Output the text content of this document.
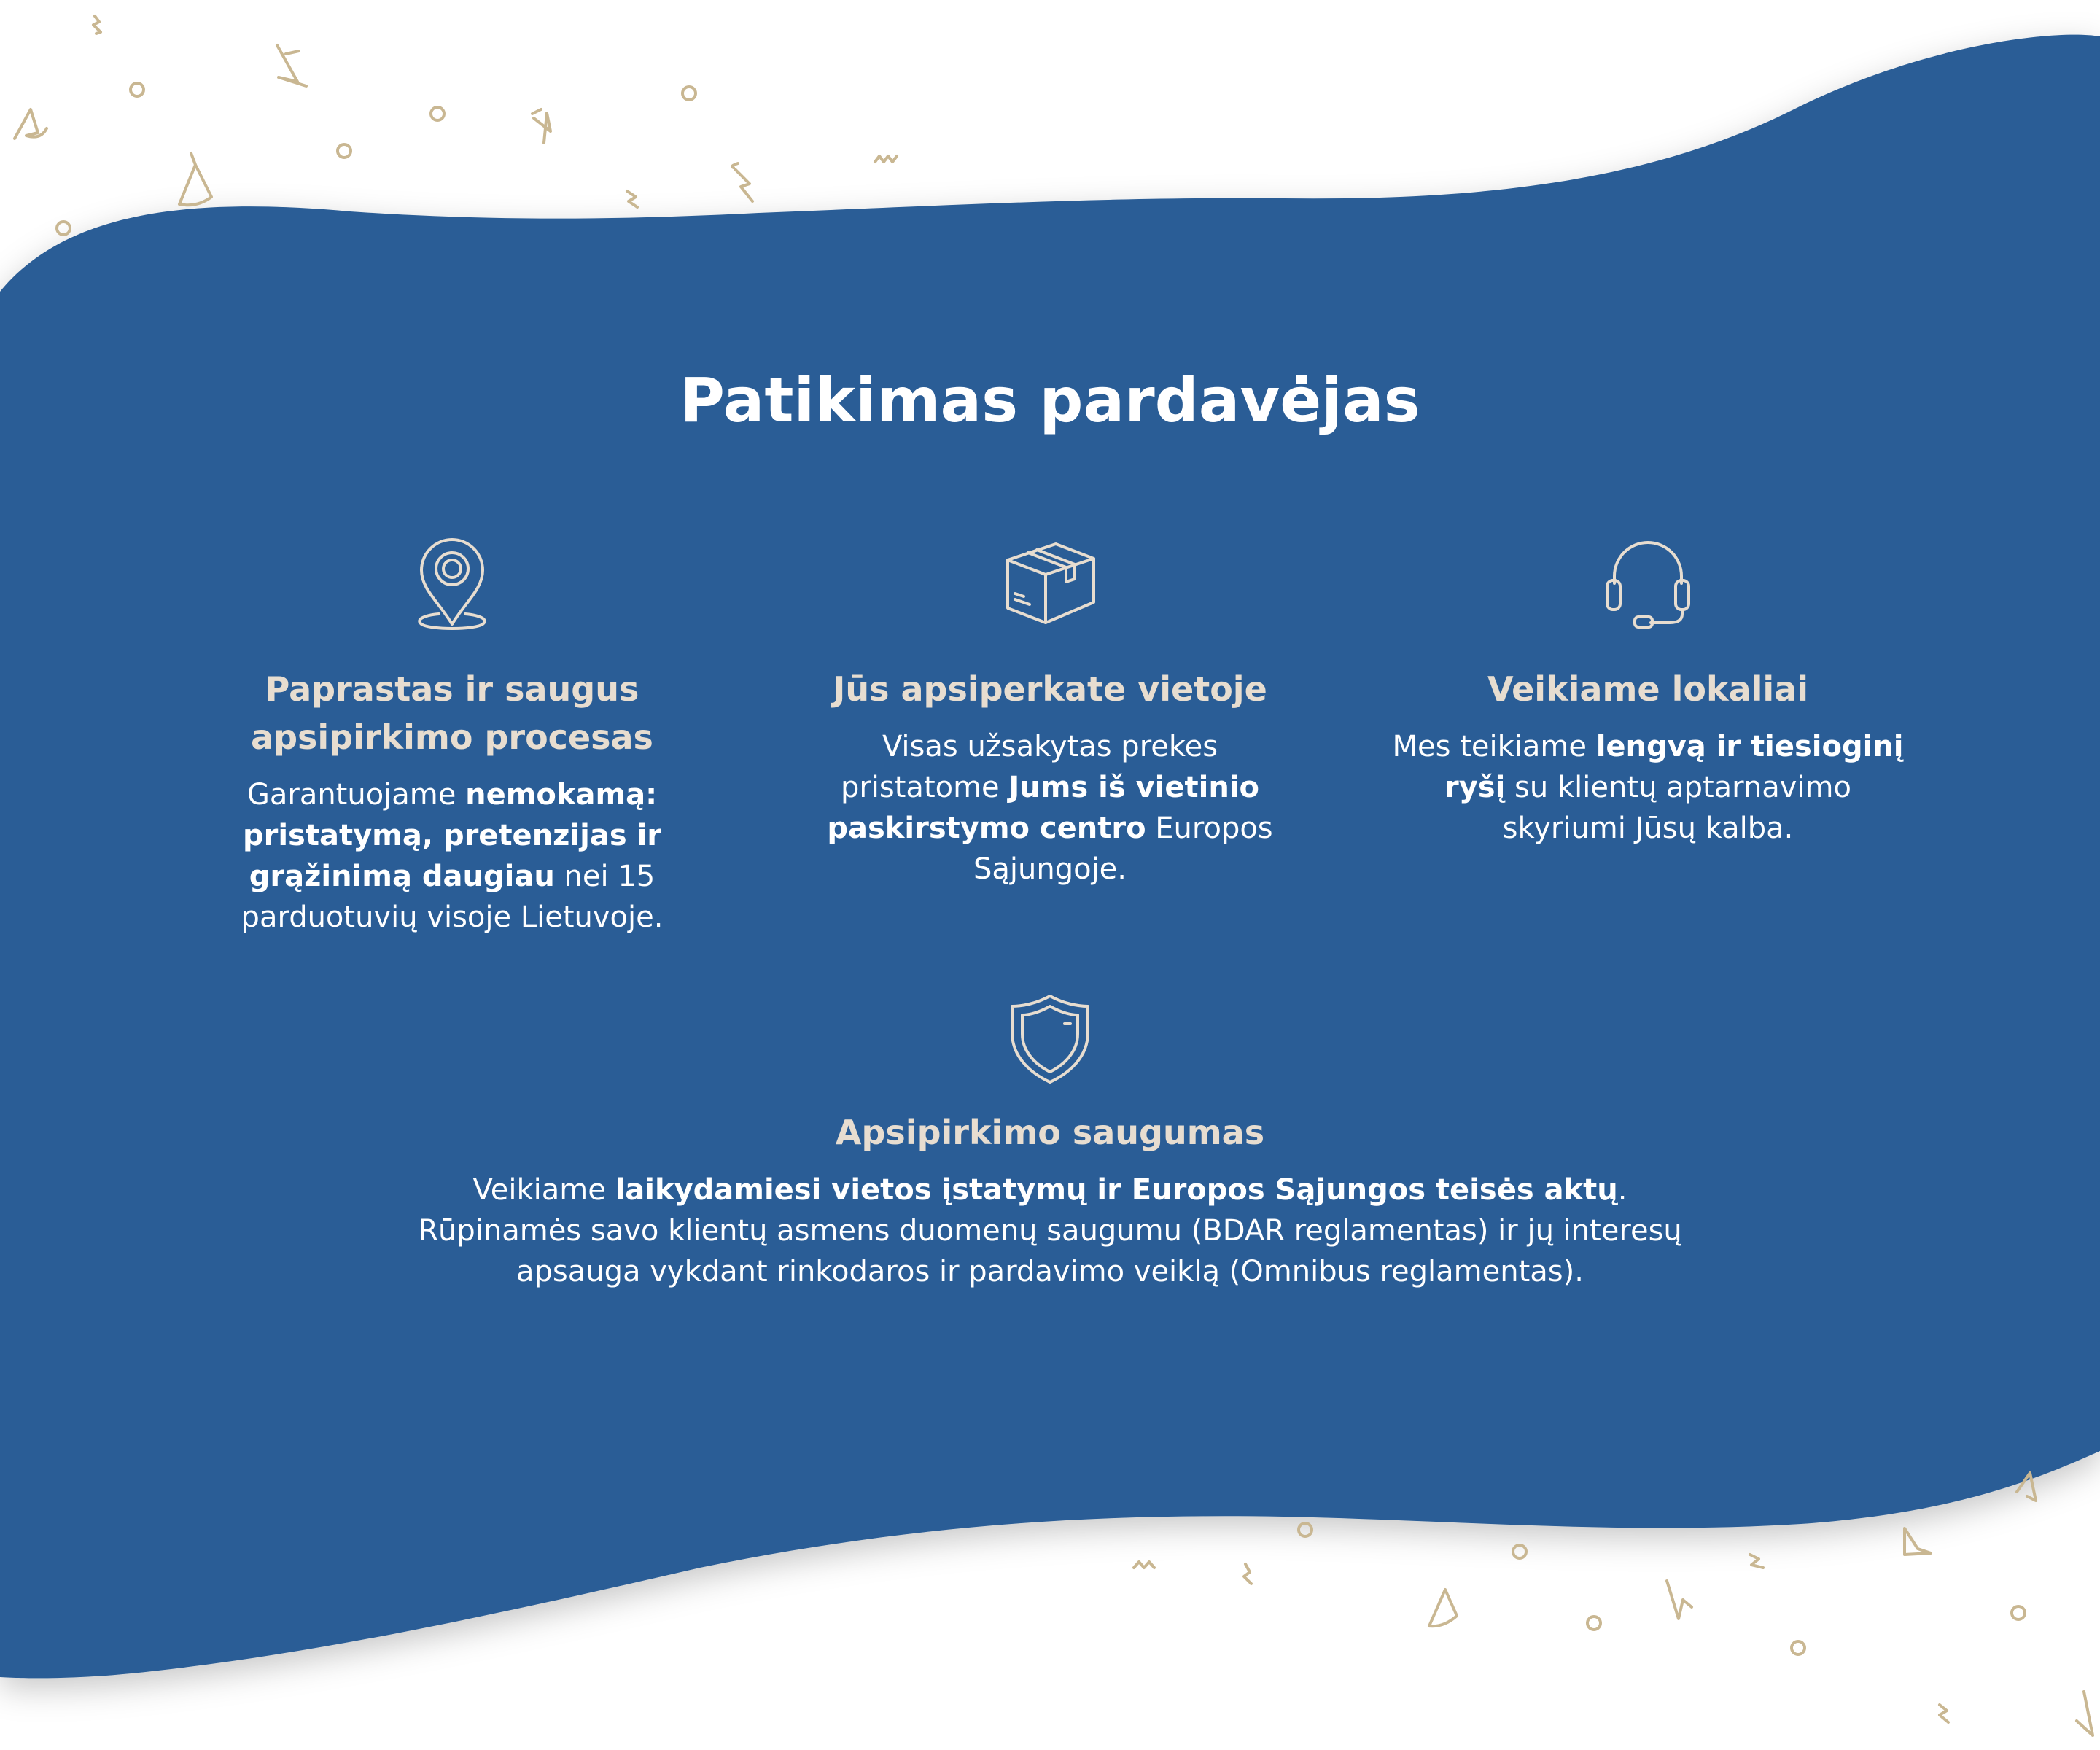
Patikimas pardavėjas
Paprastas ir saugus apsipirkimo procesas

Garantuojame nemokamą: pristatymą, pretenzijas ir grąžinimą daugiau nei 15 parduotuvių visoje Lietuvoje.

Jūs apsiperkate vietoje

Visas užsakytas prekes pristatome Jums iš vietinio paskirstymo centro Europos Sąjungoje.

Veikiame lokaliai

Mes teikiame lengvą ir tiesioginį ryšį su klientų aptarnavimo skyriumi Jūsų kalba.

Apsipirkimo saugumas

Veikiame laikydamiesi vietos įstatymų ir Europos Sąjungos teisės aktų. Rūpinamės savo klientų asmens duomenų saugumu (BDAR reglamentas) ir jų interesų apsauga vykdant rinkodaros ir pardavimo veiklą (Omnibus reglamentas).
